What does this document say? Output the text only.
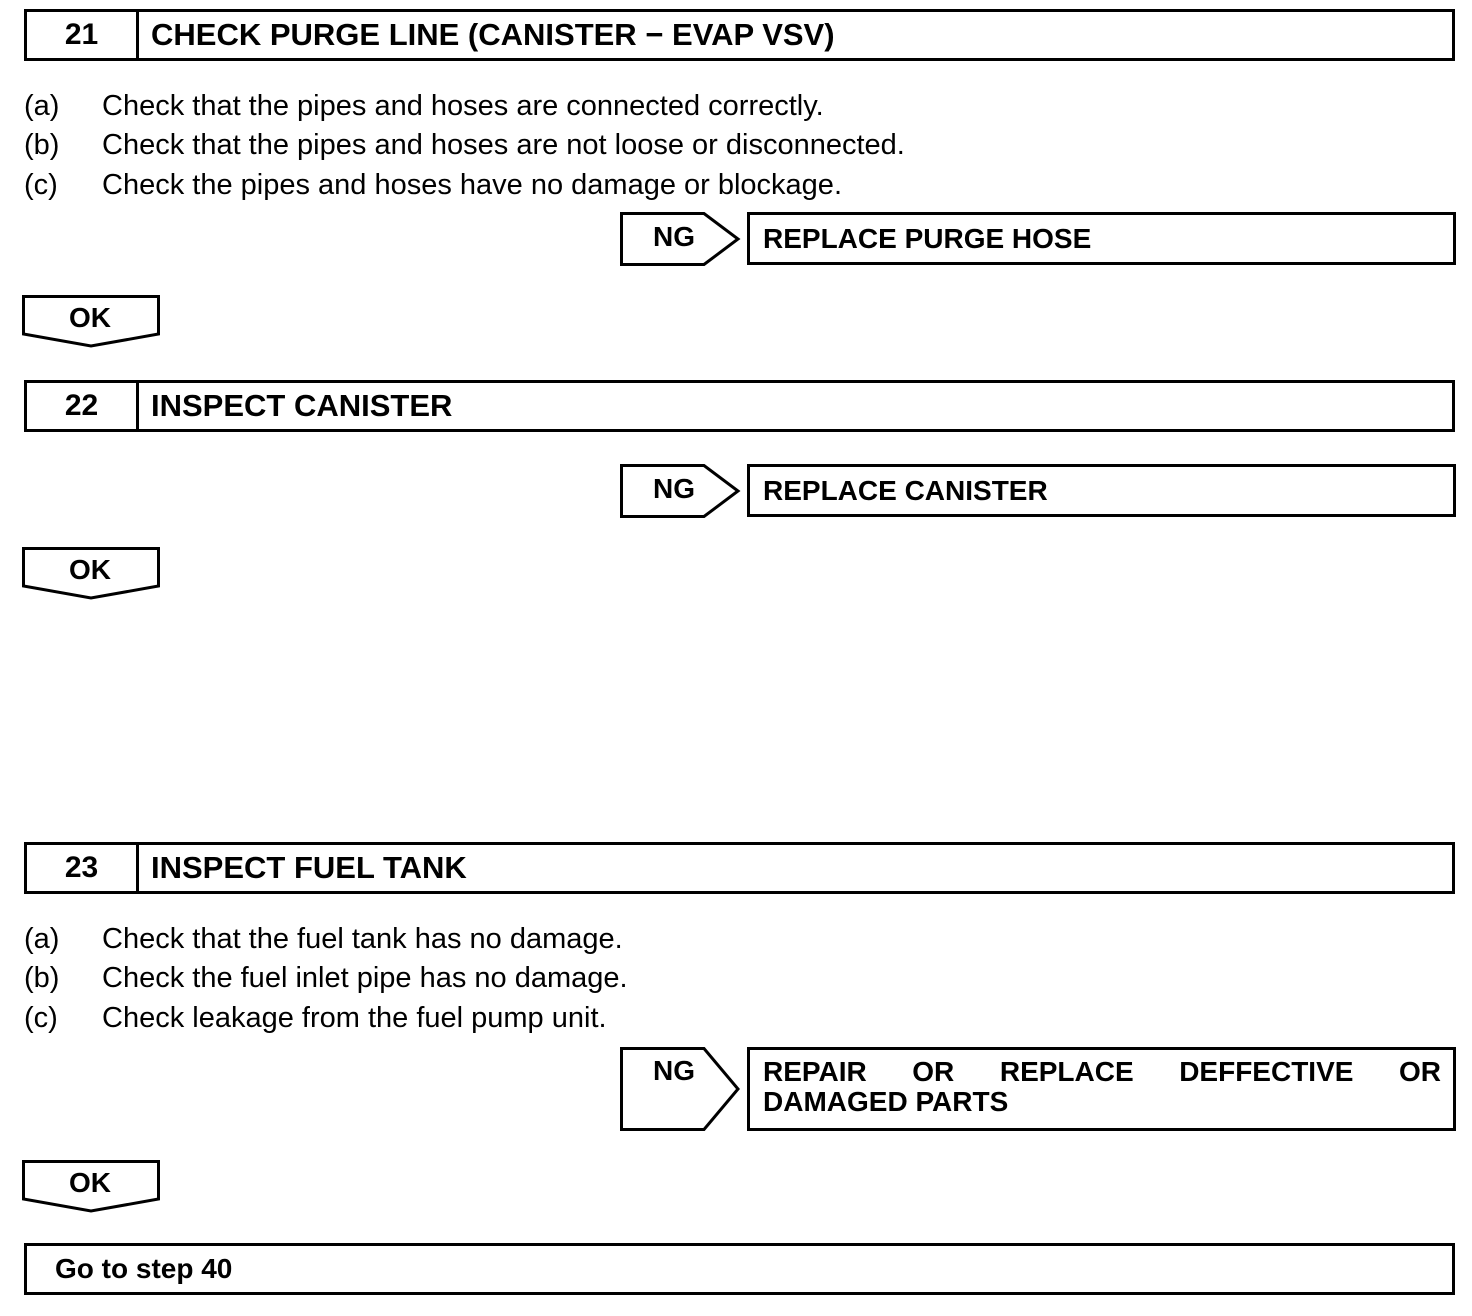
21	CHECK PURGE LINE (CANISTER − EVAP VSV)
(a) Check that the pipes and hoses are connected correctly.
(b) Check that the pipes and hoses are not loose or disconnected.
(c) Check the pipes and hoses have no damage or blockage.
NG	REPLACE PURGE HOSE
OK
22	INSPECT CANISTER
NG	REPLACE CANISTER
OK
23	INSPECT FUEL TANK
(a) Check that the fuel tank has no damage.
(b) Check the fuel inlet pipe has no damage.
(c) Check leakage from the fuel pump unit.
NG	REPAIR OR REPLACE DEFFECTIVE OR
DAMAGED PARTS
OK
Go to step 40
